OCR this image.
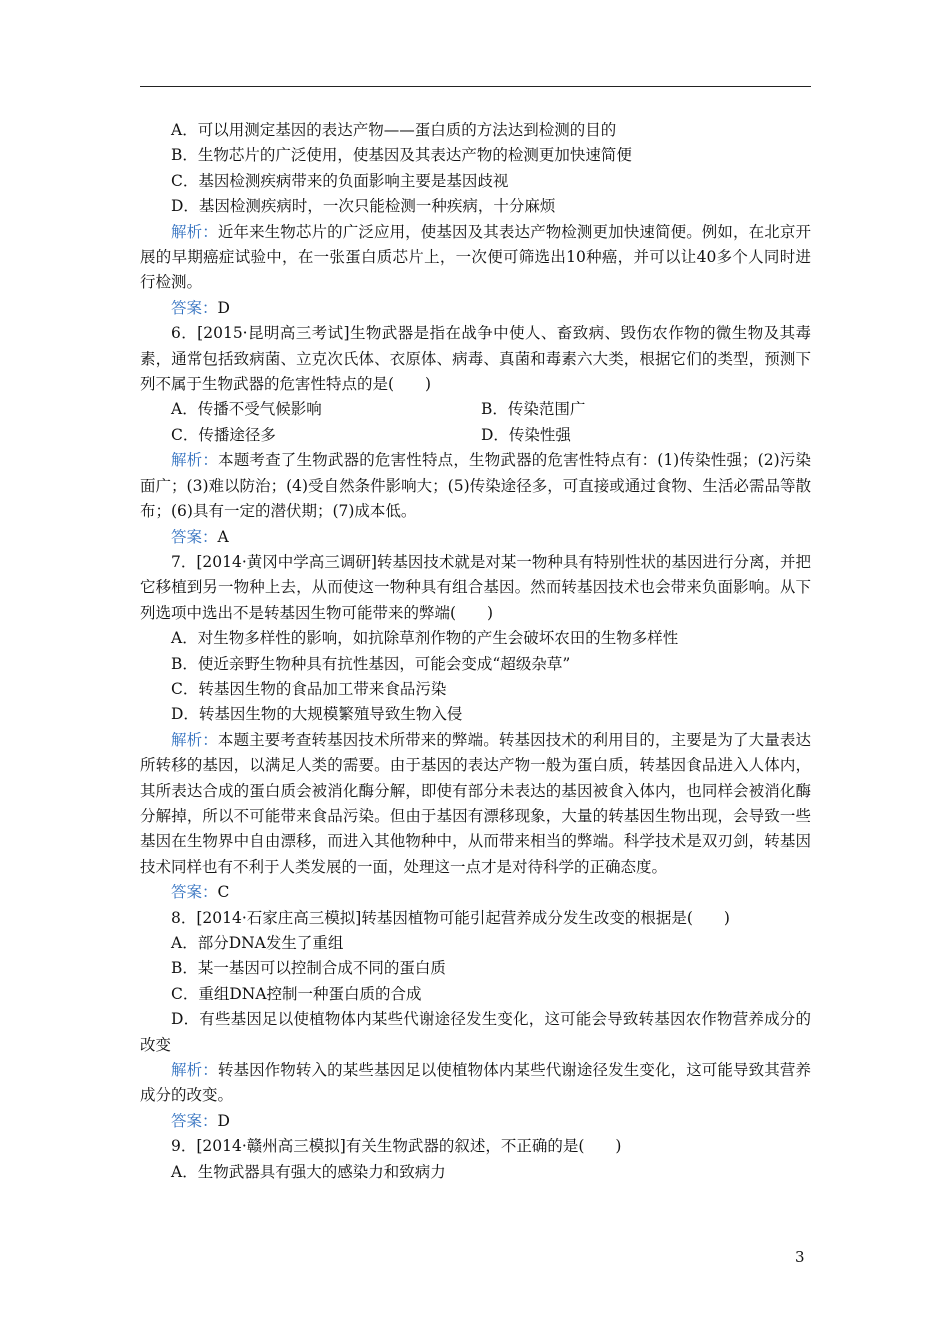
A．可以用测定基因的表达产物——蛋白质的方法达到检测的目的

B．生物芯片的广泛使用，使基因及其表达产物的检测更加快速简便

C．基因检测疾病带来的负面影响主要是基因歧视

D．基因检测疾病时，一次只能检测一种疾病，十分麻烦

解析：近年来生物芯片的广泛应用，使基因及其表达产物检测更加快速简便。例如，在北京开展的早期癌症试验中，在一张蛋白质芯片上，一次便可筛选出10种癌，并可以让40多个人同时进行检测。

答案：D

6．[2015·昆明高三考试]生物武器是指在战争中使人、畜致病、毁伤农作物的微生物及其毒素，通常包括致病菌、立克次氏体、衣原体、病毒、真菌和毒素六大类，根据它们的类型，预测下列不属于生物武器的危害性特点的是(　　)

A．传播不受气候影响	B．传染范围广
C．传播途径多	D．传染性强

解析：本题考查了生物武器的危害性特点，生物武器的危害性特点有：(1)传染性强；(2)污染面广；(3)难以防治；(4)受自然条件影响大；(5)传染途径多，可直接或通过食物、生活必需品等散布；(6)具有一定的潜伏期；(7)成本低。

答案：A

7．[2014·黄冈中学高三调研]转基因技术就是对某一物种具有特别性状的基因进行分离，并把它移植到另一物种上去，从而使这一物种具有组合基因。然而转基因技术也会带来负面影响。从下列选项中选出不是转基因生物可能带来的弊端(　　)

A．对生物多样性的影响，如抗除草剂作物的产生会破坏农田的生物多样性

B．使近亲野生物种具有抗性基因，可能会变成“超级杂草”

C．转基因生物的食品加工带来食品污染

D．转基因生物的大规模繁殖导致生物入侵

解析：本题主要考查转基因技术所带来的弊端。转基因技术的利用目的，主要是为了大量表达所转移的基因，以满足人类的需要。由于基因的表达产物一般为蛋白质，转基因食品进入人体内，其所表达合成的蛋白质会被消化酶分解，即使有部分未表达的基因被食入体内，也同样会被消化酶分解掉，所以不可能带来食品污染。但由于基因有漂移现象，大量的转基因生物出现，会导致一些基因在生物界中自由漂移，而进入其他物种中，从而带来相当的弊端。科学技术是双刃剑，转基因技术同样也有不利于人类发展的一面，处理这一点才是对待科学的正确态度。

答案：C

8．[2014·石家庄高三模拟]转基因植物可能引起营养成分发生改变的根据是(　　)

A．部分DNA发生了重组

B．某一基因可以控制合成不同的蛋白质

C．重组DNA控制一种蛋白质的合成

D．有些基因足以使植物体内某些代谢途径发生变化，这可能会导致转基因农作物营养成分的改变

解析：转基因作物转入的某些基因足以使植物体内某些代谢途径发生变化，这可能导致其营养成分的改变。

答案：D

9．[2014·赣州高三模拟]有关生物武器的叙述，不正确的是(　　)

A．生物武器具有强大的感染力和致病力

3
